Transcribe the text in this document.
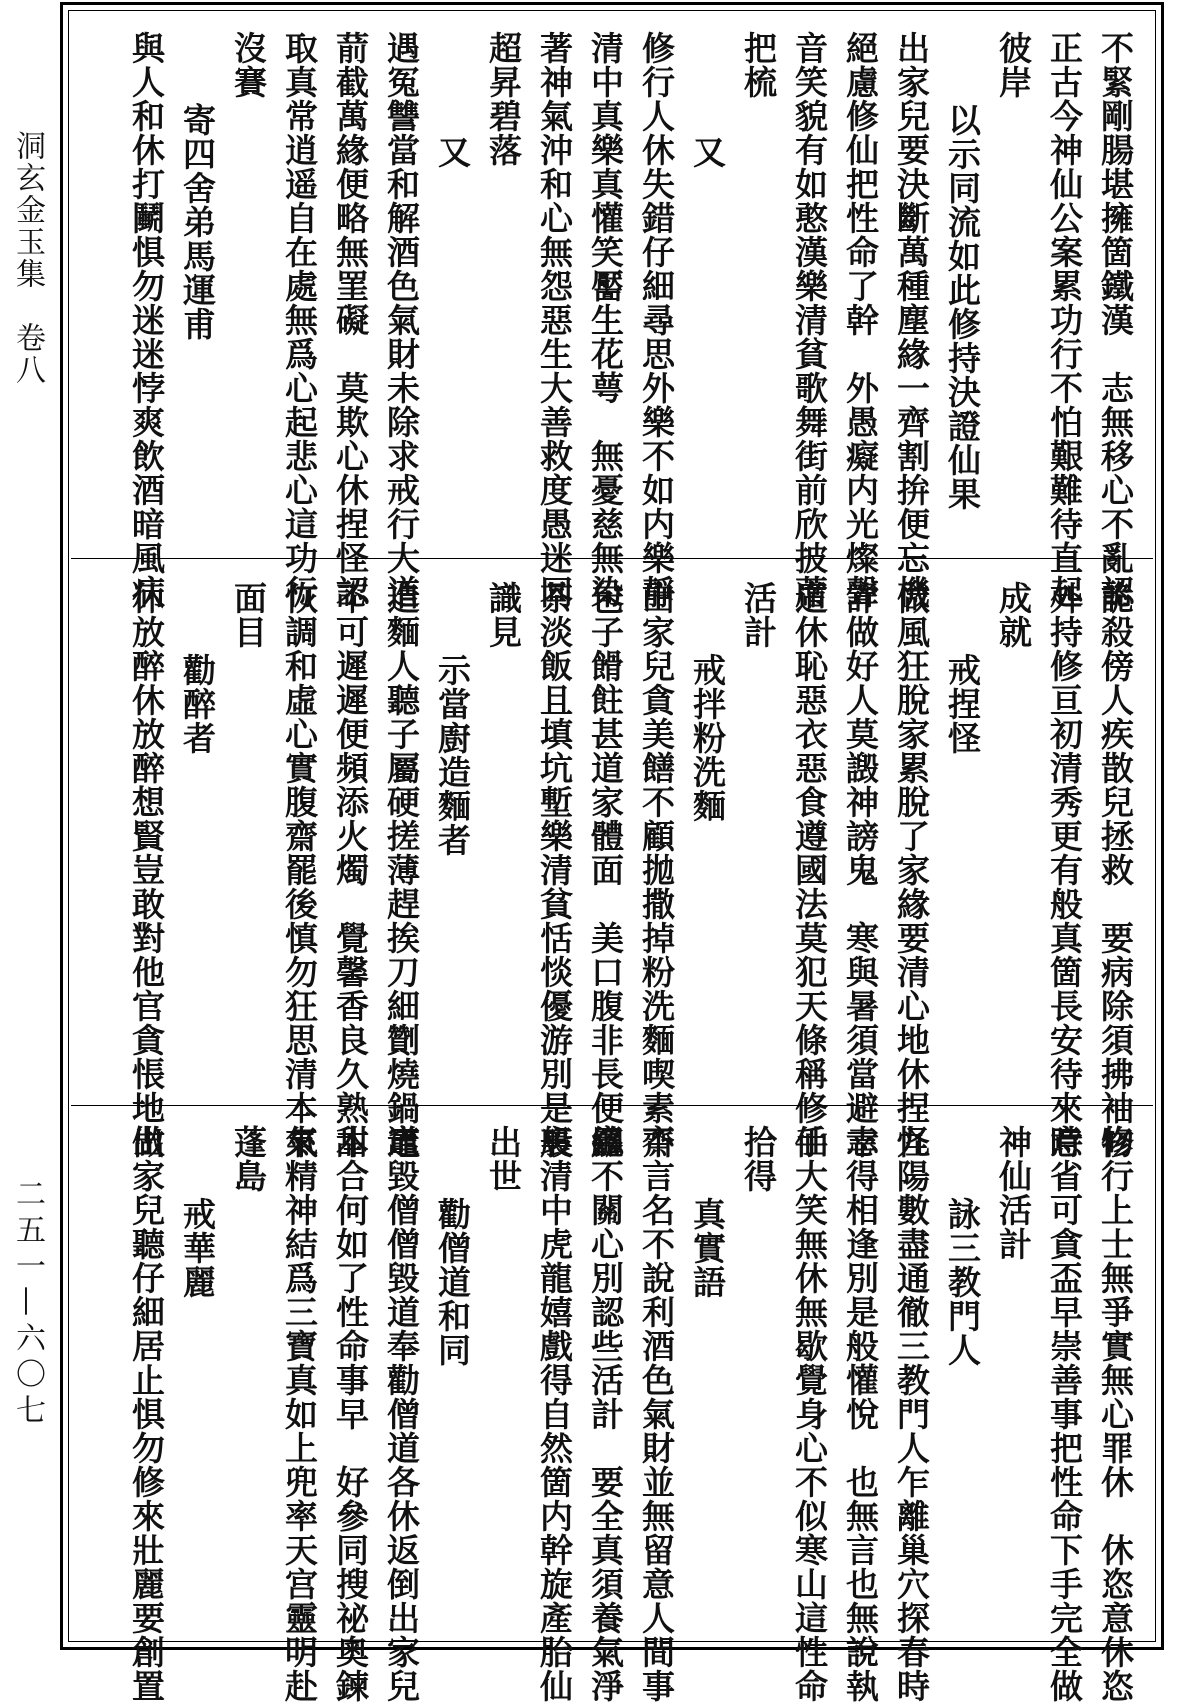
洞玄金玉集　卷八
二五一—六〇七
不緊剛腸堪擁箇鐵漢　志無移心不亂認
正古今神仙公案累功行不怕艱難待直起
彼岸
以示同流如此修持決證仙果
出家兒要決斷萬種塵緣一齊割拚便忘機
絕慮修仙把性命了幹　外愚癡内光燦聲
音笑貌有如憨漢樂清貧歌舞街前欣披蓆
把梳
又
修行人休失錯仔細尋思外樂不如内樂靜
清中真樂真懽笑靨生花萼　無憂慈無染
著神氣沖和心無怨惡生大善救度愚迷同
超昇碧落
又
遇冤讐當和解酒色氣財未除求戒行大道
葥截萬緣便略無罣礙　莫欺心休捏怪認
取真常逍遥自在處無爲心起悲心這功行
沒賽
寄四舍弟馬運甫
與人和休打鬭惧勿迷迷悖爽飲酒暗風病
詭殺傍人疾㪚兒拯救　要病除須拂袖物
外持修亘初清秀更有般真箇長安待來時
成就
戒捏怪
做風狂脫家累脫了家緣要清心地休捏怪
詐做好人莫譭神謗鬼　寒與暑須當避志
道休恥惡衣惡食遵國法莫犯天條稱修仙
活計
戒拌粉洗麵
出家兒貪美饍不顧拋撒掉粉洗麵喫素齋
包子餶飳甚道家體面　美口腹非長便麤
茶淡飯且填坑塹樂清貧恬惔優游別是般
識見
示當廚造麵者
造麵人聽子屬硬搓薄趕挨刀細劗燒鍋竈
不可遲遲便頻添火燭　覺馨香良久熟甜
恢調和虛心實腹齋罷後慎勿狂思清本來
面目
勸醉者
休放醉休放醉想賢豈敢對他官貪悵地做
修行上士無爭實無心罪休　休恣意休恣
意省可貪盃早崇善事把性命下手完全做
神仙活計
詠三教門人
九陽數盡通徹三教門人乍離巢穴探春時
幸得相逢別是般懽悅　也無言也無說執
手大笑無休無歇覺身心不似寒山這性命
拾得
真實語
不言名不說利酒色氣財並無留意人間事
總不關心別認些活計　要全真須養氣淨
裏清中虎龍嬉戲得自然箇内幹旋產胎仙
出世
勸僧道和同
道毀僧僧毀道奉勸僧道各休返倒出家兒
本合何如了性命事早　好參同搜祕奧鍊
氣精神結爲三寶真如上兜率天宫靈明赴
蓬島
戒華麗
出家兒聽仔細居止惧勿修來壯麗要創置
